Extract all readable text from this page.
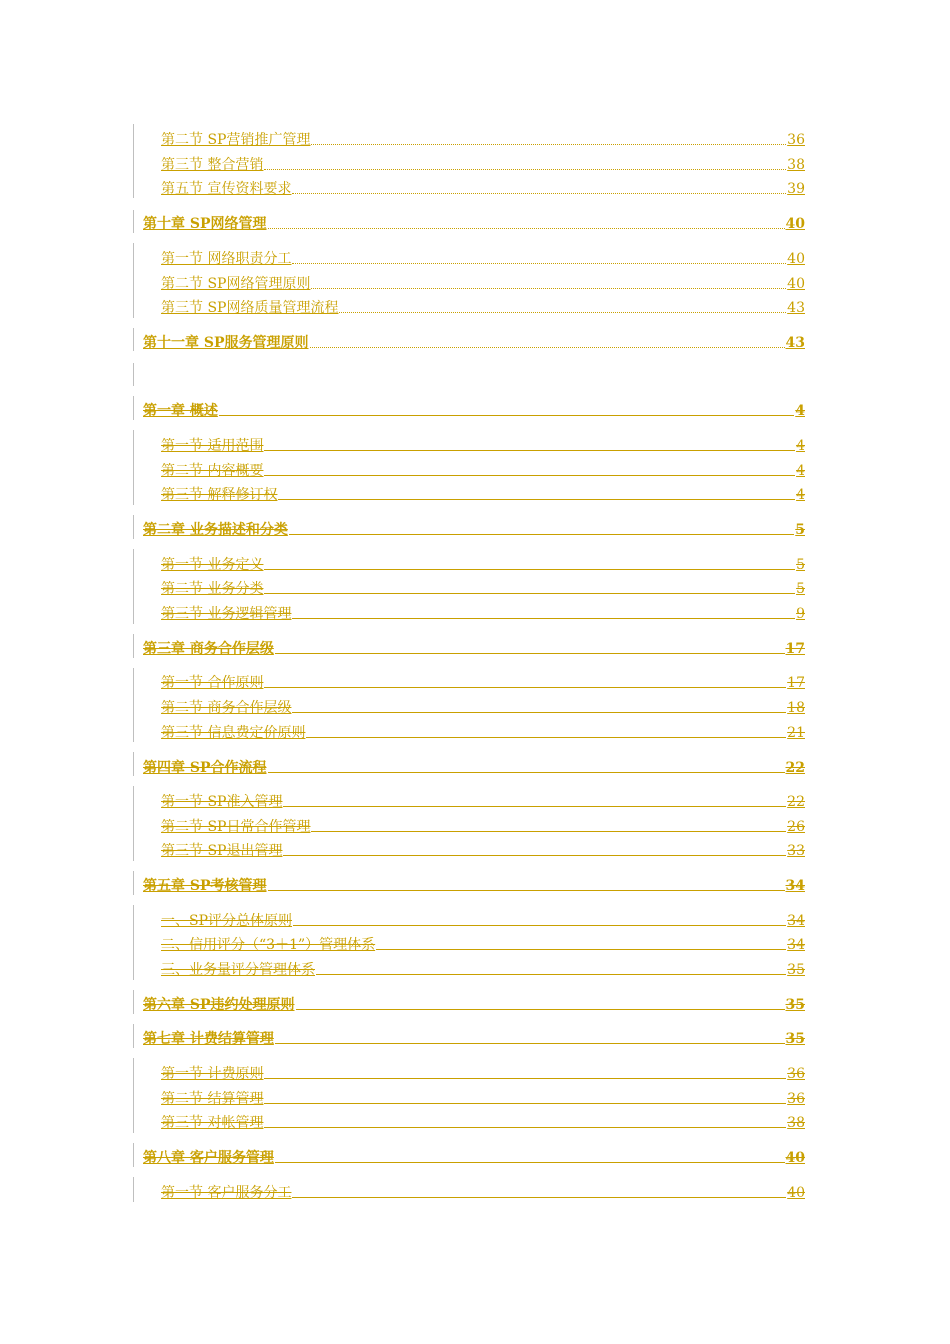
第二节 SP营销推广管理	36
第三节 整合营销	38
第五节 宣传资料要求	39
第十章 SP网络管理	40
第一节 网络职责分工	40
第二节 SP网络管理原则	40
第三节 SP网络质量管理流程	43
第十一章 SP服务管理原则	43
第一章 概述	4
第一节 适用范围	4
第二节 内容概要	4
第三节 解释修订权	4
第二章 业务描述和分类	5
第一节 业务定义	5
第二节 业务分类	5
第三节 业务逻辑管理	9
第三章 商务合作层级	17
第一节 合作原则	17
第二节 商务合作层级	18
第三节 信息费定价原则	21
第四章 SP合作流程	22
第一节 SP准入管理	22
第二节 SP日常合作管理	26
第三节 SP退出管理	33
第五章 SP考核管理	34
一、SP评分总体原则	34
二、信用评分（“3＋1”）管理体系	34
三、业务量评分管理体系	35
第六章 SP违约处理原则	35
第七章 计费结算管理	35
第一节 计费原则	36
第二节 结算管理	36
第三节 对帐管理	38
第八章 客户服务管理	40
第一节 客户服务分工	40
